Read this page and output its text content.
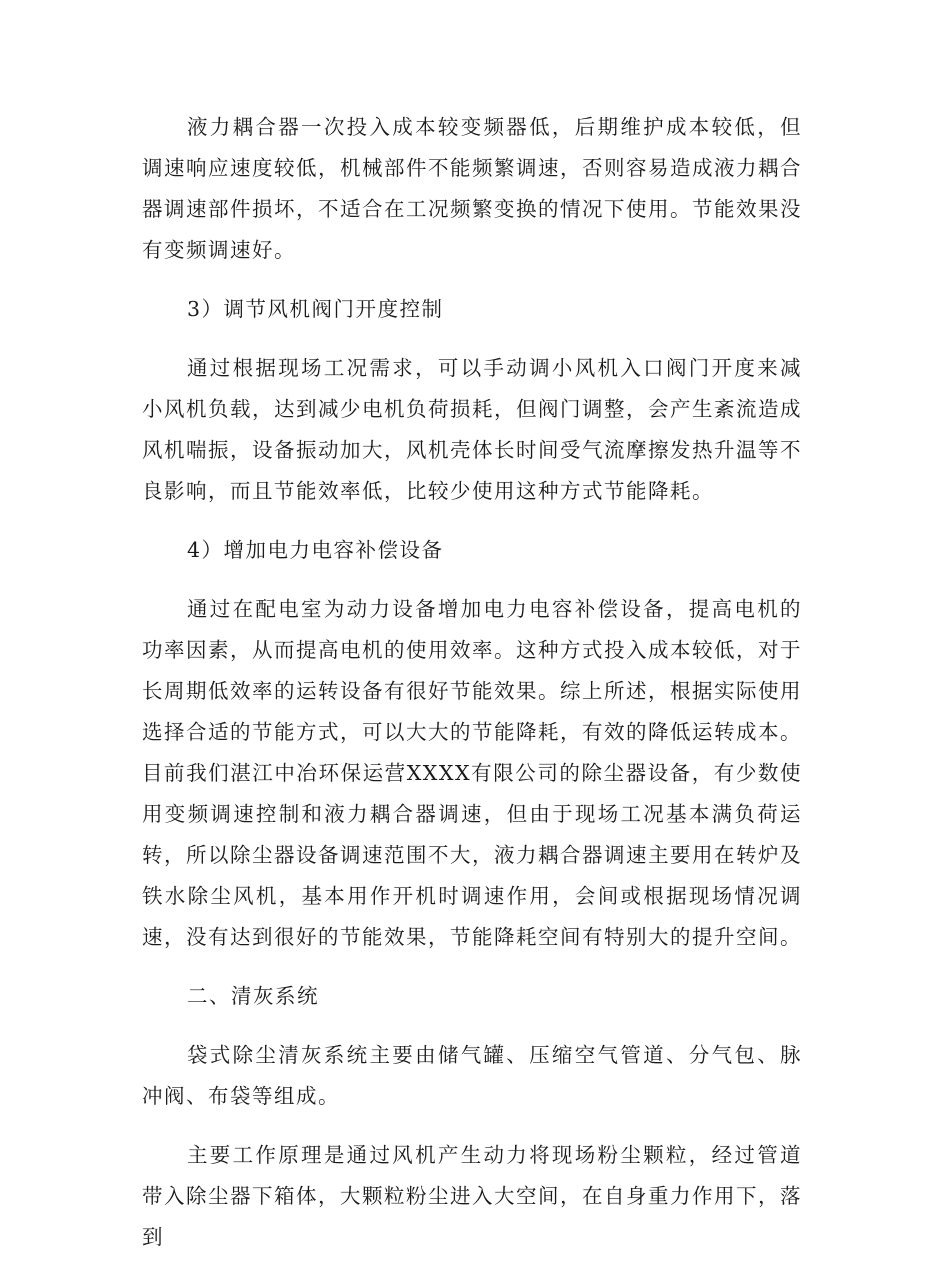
液力耦合器一次投入成本较变频器低，后期维护成本较低，但调速响应速度较低，机械部件不能频繁调速，否则容易造成液力耦合器调速部件损坏，不适合在工况频繁变换的情况下使用。节能效果没有变频调速好。

3）调节风机阀门开度控制

通过根据现场工况需求，可以手动调小风机入口阀门开度来减小风机负载，达到减少电机负荷损耗，但阀门调整，会产生紊流造成风机喘振，设备振动加大，风机壳体长时间受气流摩擦发热升温等不良影响，而且节能效率低，比较少使用这种方式节能降耗。

4）增加电力电容补偿设备

通过在配电室为动力设备增加电力电容补偿设备，提高电机的功率因素，从而提高电机的使用效率。这种方式投入成本较低，对于长周期低效率的运转设备有很好节能效果。综上所述，根据实际使用选择合适的节能方式，可以大大的节能降耗，有效的降低运转成本。目前我们湛江中冶环保运营XXXX有限公司的除尘器设备，有少数使用变频调速控制和液力耦合器调速，但由于现场工况基本满负荷运转，所以除尘器设备调速范围不大，液力耦合器调速主要用在转炉及铁水除尘风机，基本用作开机时调速作用，会间或根据现场情况调速，没有达到很好的节能效果，节能降耗空间有特别大的提升空间。

二、清灰系统

袋式除尘清灰系统主要由储气罐、压缩空气管道、分气包、脉冲阀、布袋等组成。

主要工作原理是通过风机产生动力将现场粉尘颗粒，经过管道带入除尘器下箱体，大颗粒粉尘进入大空间，在自身重力作用下，落到
